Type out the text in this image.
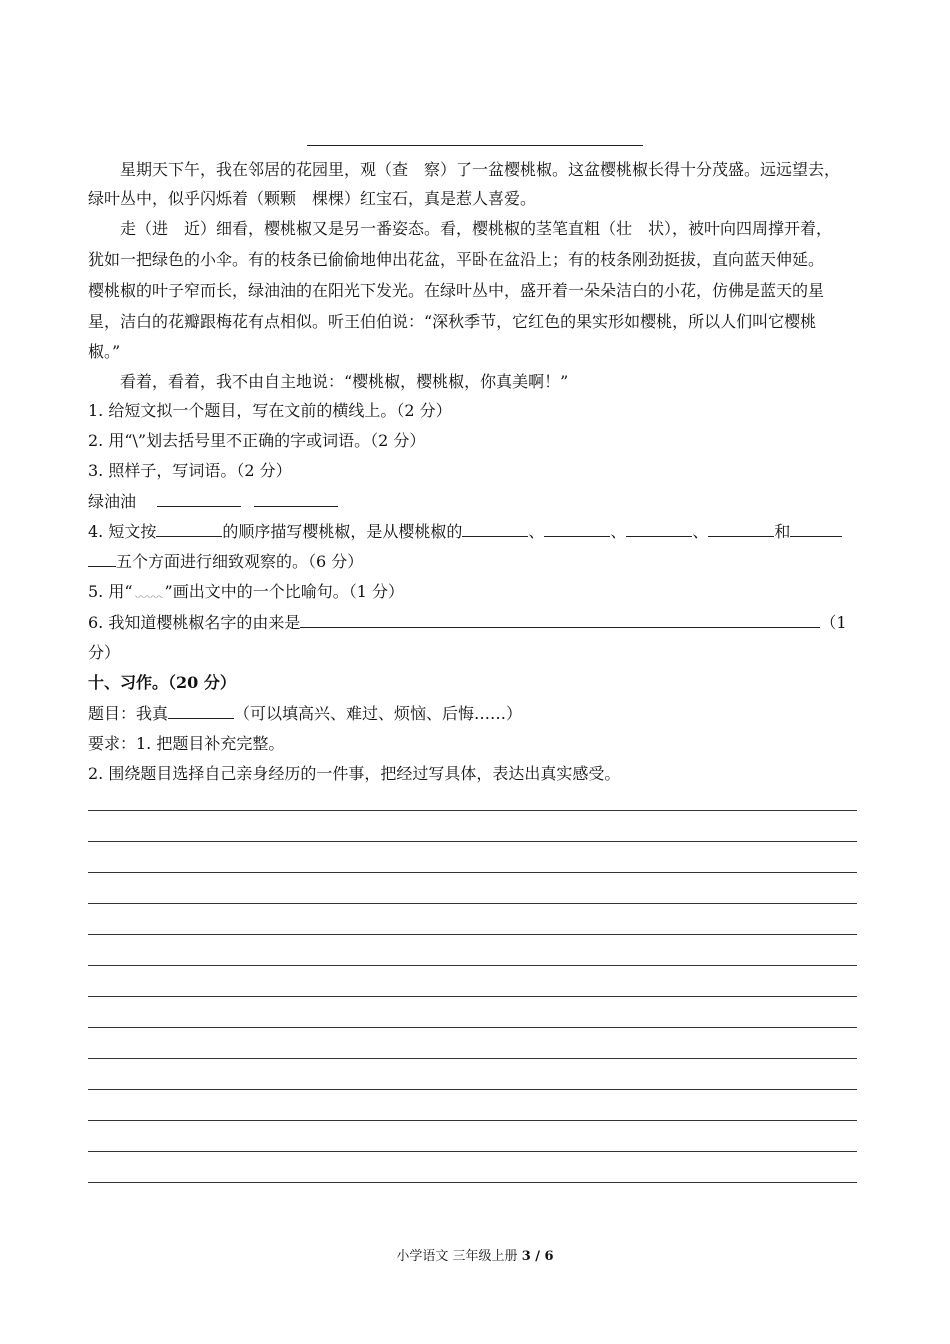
星期天下午，我在邻居的花园里，观（查　察）了一盆樱桃椒。这盆樱桃椒长得十分茂盛。远远望去，
绿叶丛中，似乎闪烁着（颗颗　棵棵）红宝石，真是惹人喜爱。
走（进　近）细看，樱桃椒又是另一番姿态。看，樱桃椒的茎笔直粗（壮　状），被叶向四周撑开着，
犹如一把绿色的小伞。有的枝条已偷偷地伸出花盆，平卧在盆沿上；有的枝条刚劲挺拔，直向蓝天伸延。
樱桃椒的叶子窄而长，绿油油的在阳光下发光。在绿叶丛中，盛开着一朵朵洁白的小花，仿佛是蓝天的星
星，洁白的花瓣跟梅花有点相似。听王伯伯说：“深秋季节，它红色的果实形如樱桃，所以人们叫它樱桃
椒。”
看着，看着，我不由自主地说：“樱桃椒，樱桃椒，你真美啊！”
1. 给短文拟一个题目，写在文前的横线上。（2 分）
2. 用“\”划去括号里不正确的字或词语。（2 分）
3. 照样子，写词语。（2 分）
绿油油
4. 短文按	的顺序描写樱桃椒，是从樱桃椒的	、	、	、	和
五个方面进行细致观察的。（6 分）
5. 用“ ”画出文中的一个比喻句。（1 分）
6. 我知道樱桃椒名字的由来是	（1
分）
十、习作。（20 分）
题目：我真	（可以填高兴、难过、烦恼、后悔……）
要求：1. 把题目补充完整。
2. 围绕题目选择自己亲身经历的一件事，把经过写具体，表达出真实感受。
小学语文 三年级上册 3 / 6
